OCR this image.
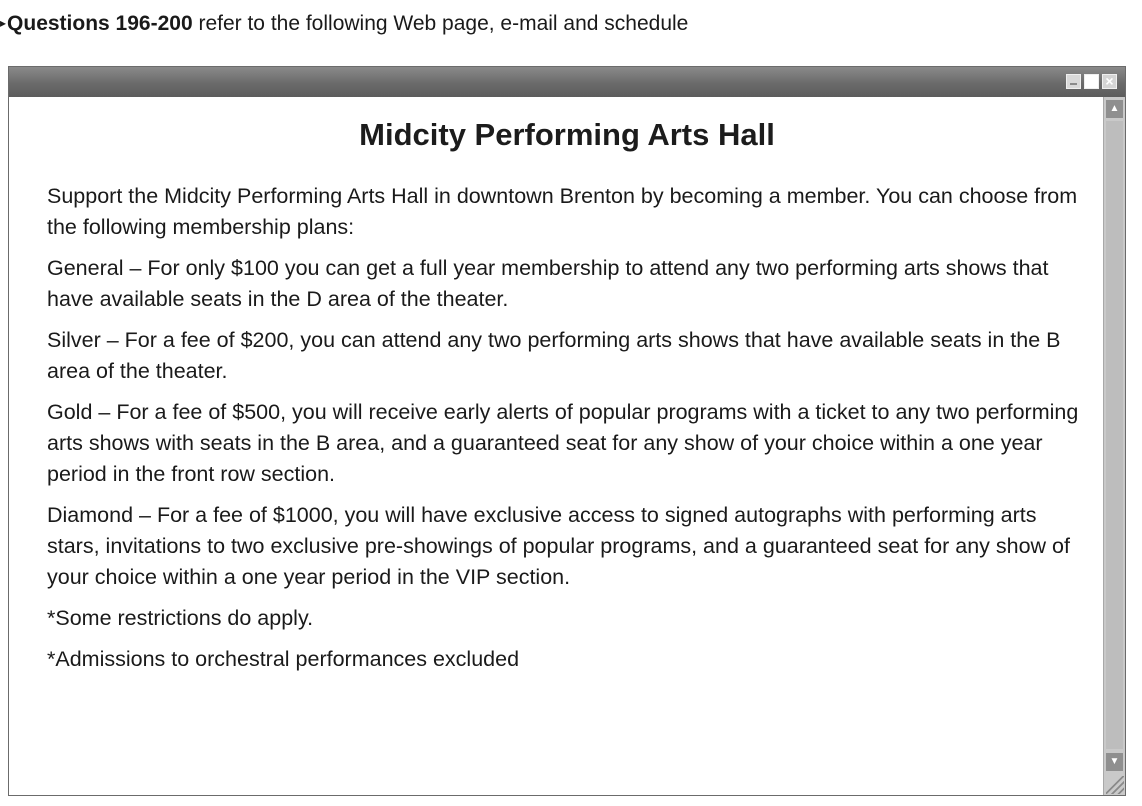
▸Questions 196-200 refer to the following Web page, e-mail and schedule
×
Midcity Performing Arts Hall

Support the Midcity Performing Arts Hall in downtown Brenton by becoming a member. You can choose from the following membership plans:

General – For only $100 you can get a full year membership to attend any two performing arts shows that have available seats in the D area of the theater.

Silver – For a fee of $200, you can attend any two performing arts shows that have available seats in the B area of the theater.

Gold – For a fee of $500, you will receive early alerts of popular programs with a ticket to any two performing arts shows with seats in the B area, and a guaranteed seat for any show of your choice within a one year period in the front row section.

Diamond – For a fee of $1000, you will have exclusive access to signed autographs with performing arts stars, invitations to two exclusive pre-showings of popular programs, and a guaranteed seat for any show of your choice within a one year period in the VIP section.

*Some restrictions do apply.

*Admissions to orchestral performances excluded

▲
▼
